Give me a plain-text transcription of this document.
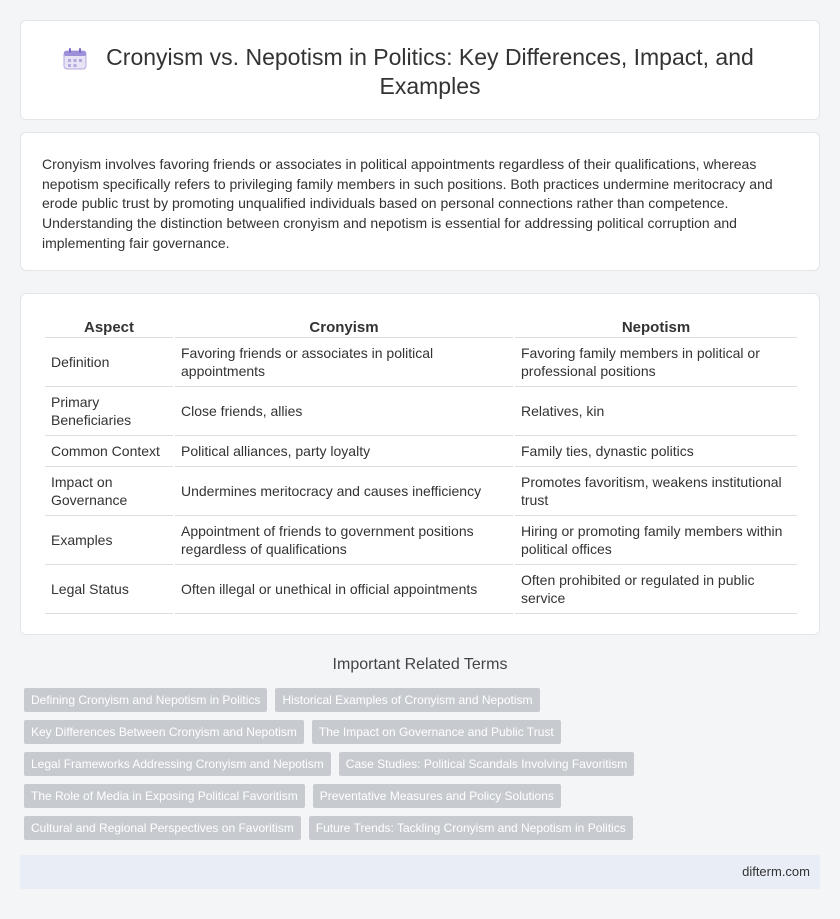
Cronyism vs. Nepotism in Politics: Key Differences, Impact, and Examples

Cronyism involves favoring friends or associates in political appointments regardless of their qualifications, whereas nepotism specifically refers to privileging family members in such positions. Both practices undermine meritocracy and erode public trust by promoting unqualified individuals based on personal connections rather than competence. Understanding the distinction between cronyism and nepotism is essential for addressing political corruption and implementing fair governance.

Aspect	Cronyism	Nepotism
Definition	Favoring friends or associates in political appointments	Favoring family members in political or professional positions
Primary Beneficiaries	Close friends, allies	Relatives, kin
Common Context	Political alliances, party loyalty	Family ties, dynastic politics
Impact on Governance	Undermines meritocracy and causes inefficiency	Promotes favoritism, weakens institutional trust
Examples	Appointment of friends to government positions regardless of qualifications	Hiring or promoting family members within political offices
Legal Status	Often illegal or unethical in official appointments	Often prohibited or regulated in public service
Important Related Terms
Defining Cronyism and Nepotism in Politics	Historical Examples of Cronyism and Nepotism
Key Differences Between Cronyism and Nepotism	The Impact on Governance and Public Trust
Legal Frameworks Addressing Cronyism and Nepotism	Case Studies: Political Scandals Involving Favoritism
The Role of Media in Exposing Political Favoritism	Preventative Measures and Policy Solutions
Cultural and Regional Perspectives on Favoritism	Future Trends: Tackling Cronyism and Nepotism in Politics
difterm.com
